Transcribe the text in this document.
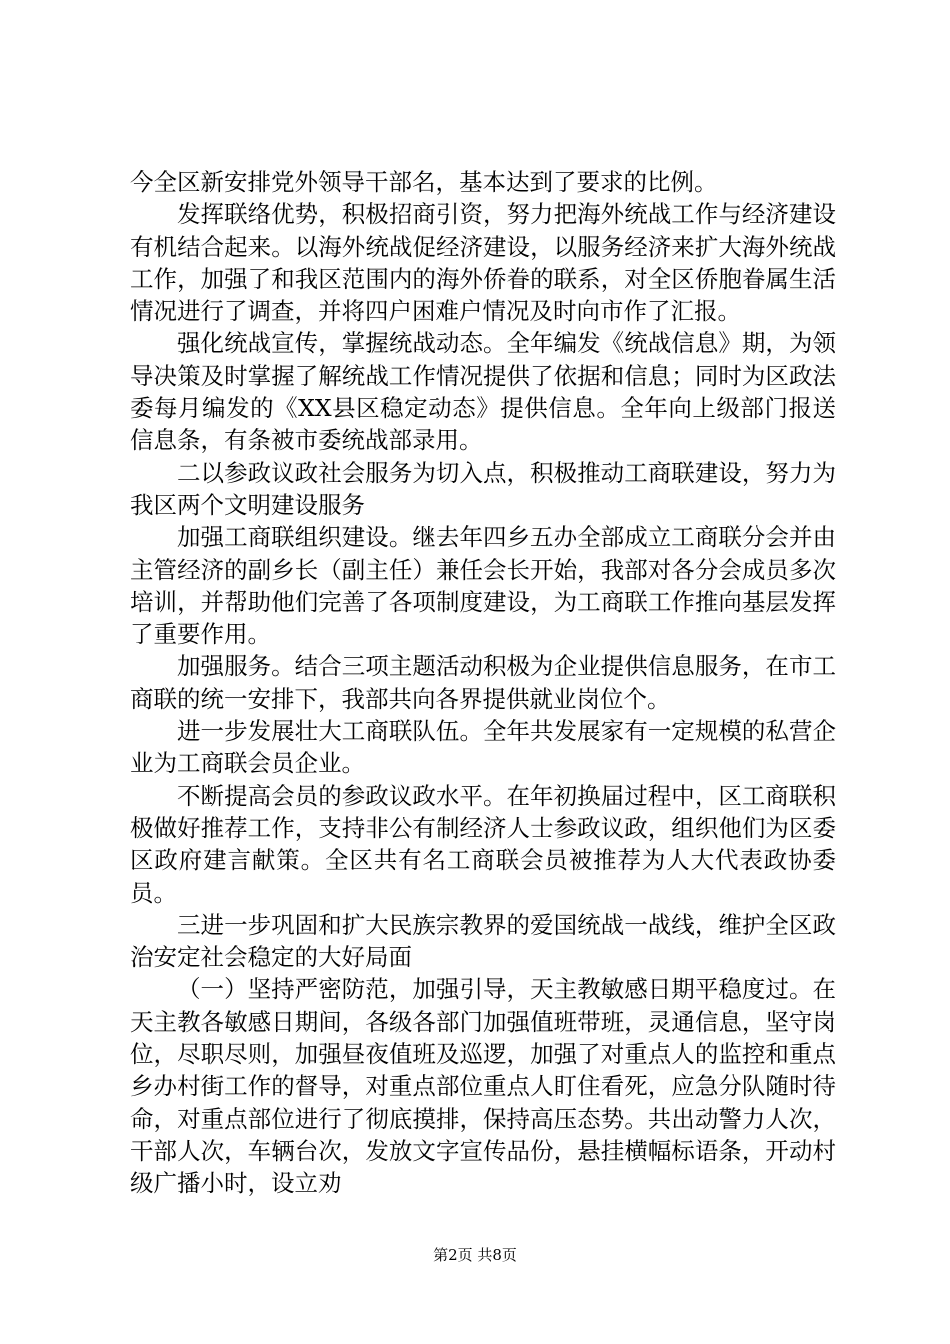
今全区新安排党外领导干部名，基本达到了要求的比例。

发挥联络优势，积极招商引资，努力把海外统战工作与经济建设有机结合起来。以海外统战促经济建设，以服务经济来扩大海外统战工作，加强了和我区范围内的海外侨眷的联系，对全区侨胞眷属生活情况进行了调查，并将四户困难户情况及时向市作了汇报。

强化统战宣传，掌握统战动态。全年编发《统战信息》期，为领导决策及时掌握了解统战工作情况提供了依据和信息；同时为区政法委每月编发的《XX县区稳定动态》提供信息。全年向上级部门报送信息条，有条被市委统战部录用。

二以参政议政社会服务为切入点，积极推动工商联建设，努力为我区两个文明建设服务

加强工商联组织建设。继去年四乡五办全部成立工商联分会并由主管经济的副乡长（副主任）兼任会长开始，我部对各分会成员多次培训，并帮助他们完善了各项制度建设，为工商联工作推向基层发挥了重要作用。

加强服务。结合三项主题活动积极为企业提供信息服务，在市工商联的统一安排下，我部共向各界提供就业岗位个。

进一步发展壮大工商联队伍。全年共发展家有一定规模的私营企业为工商联会员企业。

不断提高会员的参政议政水平。在年初换届过程中，区工商联积极做好推荐工作，支持非公有制经济人士参政议政，组织他们为区委区政府建言献策。全区共有名工商联会员被推荐为人大代表政协委员。

三进一步巩固和扩大民族宗教界的爱国统战一战线，维护全区政治安定社会稳定的大好局面

（一）坚持严密防范，加强引导，天主教敏感日期平稳度过。在天主教各敏感日期间，各级各部门加强值班带班，灵通信息，坚守岗位，尽职尽则，加强昼夜值班及巡逻，加强了对重点人的监控和重点乡办村街工作的督导，对重点部位重点人盯住看死，应急分队随时待命，对重点部位进行了彻底摸排，保持高压态势。共出动警力人次，干部人次，车辆台次，发放文字宣传品份，悬挂横幅标语条，开动村级广播小时，设立劝

第2页 共8页
